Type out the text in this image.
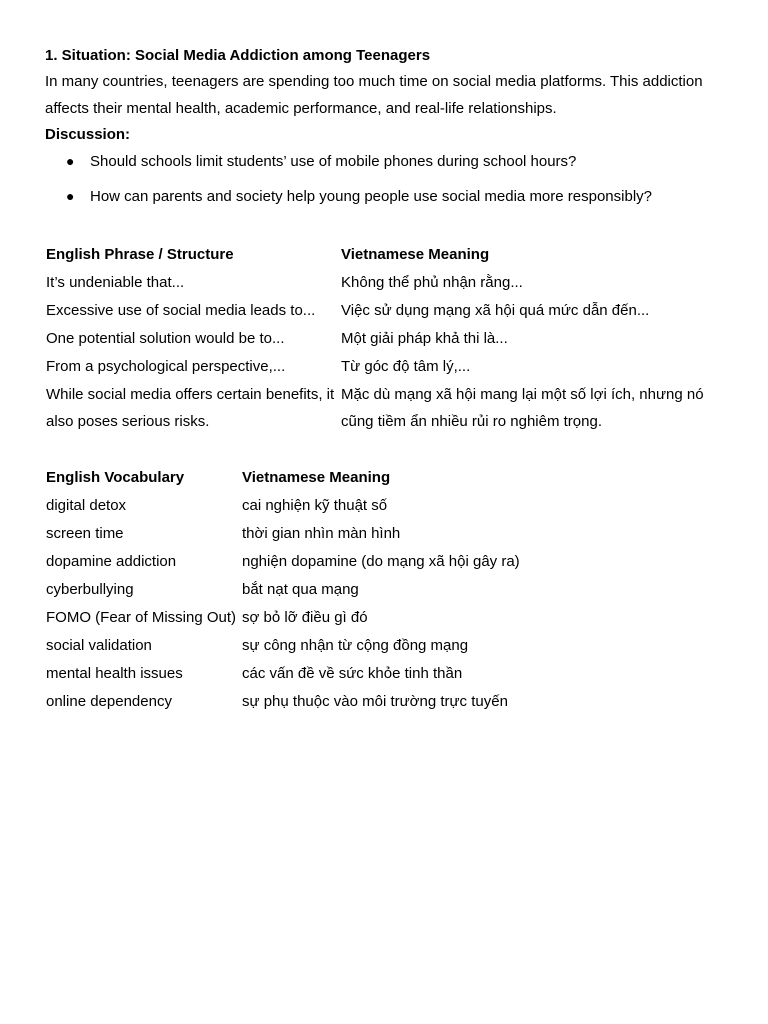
1. Situation: Social Media Addiction among Teenagers

In many countries, teenagers are spending too much time on social media platforms. This addiction

affects their mental health, academic performance, and real-life relationships.

Discussion:

● Should schools limit students’ use of mobile phones during school hours?
● How can parents and society help young people use social media more responsibly?
English Phrase / Structure	Vietnamese Meaning
It’s undeniable that...	Không thể phủ nhận rằng...
Excessive use of social media leads to...	Việc sử dụng mạng xã hội quá mức dẫn đến...
One potential solution would be to...	Một giải pháp khả thi là...
From a psychological perspective,...	Từ góc độ tâm lý,...
While social media offers certain benefits, it also poses serious risks.	Mặc dù mạng xã hội mang lại một số lợi ích, nhưng nó cũng tiềm ẩn nhiều rủi ro nghiêm trọng.
English Vocabulary	Vietnamese Meaning
digital detox	cai nghiện kỹ thuật số
screen time	thời gian nhìn màn hình
dopamine addiction	nghiện dopamine (do mạng xã hội gây ra)
cyberbullying	bắt nạt qua mạng
FOMO (Fear of Missing Out)	sợ bỏ lỡ điều gì đó
social validation	sự công nhận từ cộng đồng mạng
mental health issues	các vấn đề về sức khỏe tinh thần
online dependency	sự phụ thuộc vào môi trường trực tuyến
